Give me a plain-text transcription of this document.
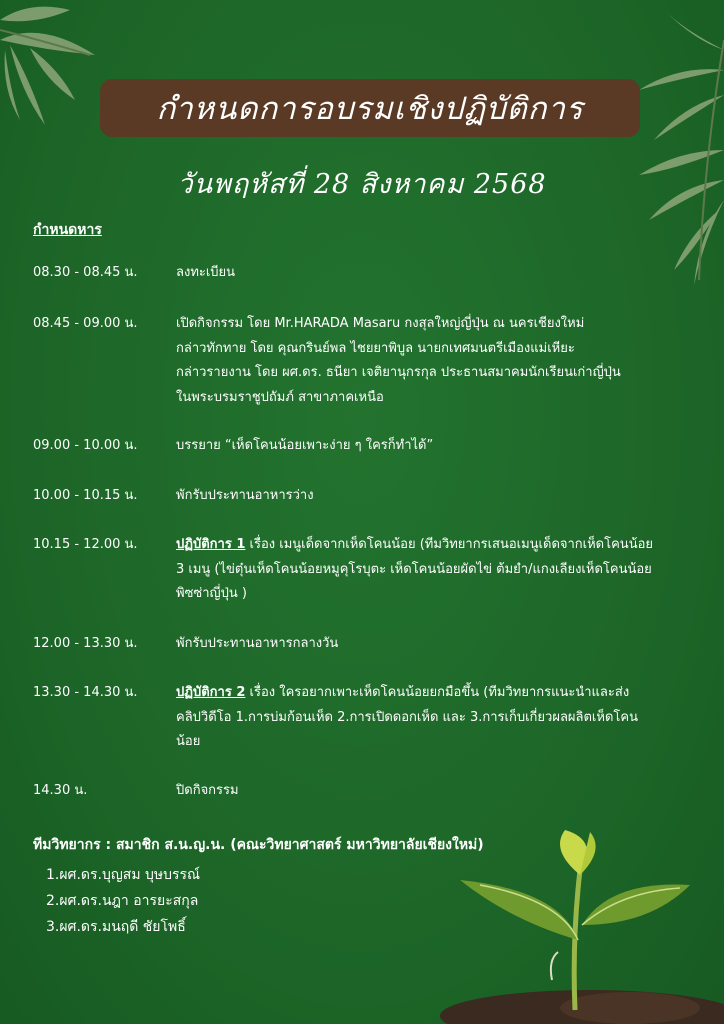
กำหนดการอบรมเชิงปฏิบัติการ
วันพฤหัสที่ 28 สิงหาคม 2568
กำหนดหาร
08.30 - 08.45 น.	ลงทะเบียน
08.45 - 09.00 น.	เปิดกิจกรรม โดย Mr.HARADA Masaru กงสุลใหญ่ญี่ปุ่น ณ นครเชียงใหม่
กล่าวทักทาย โดย คุณกรินย์พล ไชยยาพิบูล นายกเทศมนตรีเมืองแม่เหียะ
กล่าวรายงาน โดย ผศ.ดร. ธนียา เจติยานุกรกุล ประธานสมาคมนักเรียนเก่าญี่ปุ่น
ในพระบรมราชูปถัมภ์ สาขาภาคเหนือ
09.00 - 10.00 น.	บรรยาย “เห็ดโคนน้อยเพาะง่าย ๆ ใครก็ทำได้”
10.00 - 10.15 น.	พักรับประทานอาหารว่าง
10.15 - 12.00 น.	ปฏิบัติการ 1 เรื่อง เมนูเด็ดจากเห็ดโคนน้อย (ทีมวิทยากรเสนอเมนูเด็ดจากเห็ดโคนน้อย
3 เมนู (ไข่ตุ๋นเห็ดโคนน้อยหมูคุโรบุตะ เห็ดโคนน้อยผัดไข่ ต้มยำ/แกงเลียงเห็ดโคนน้อย
พิซซ่าญี่ปุ่น )
12.00 - 13.30 น.	พักรับประทานอาหารกลางวัน
13.30 - 14.30 น.	ปฏิบัติการ 2 เรื่อง ใครอยากเพาะเห็ดโคนน้อยยกมือขึ้น (ทีมวิทยากรแนะนำและส่ง
คลิปวิดีโอ 1.การบ่มก้อนเห็ด 2.การเปิดดอกเห็ด และ 3.การเก็บเกี่ยวผลผลิตเห็ดโคน
น้อย
14.30 น.	ปิดกิจกรรม
ทีมวิทยากร : สมาชิก ส.น.ญ.น. (คณะวิทยาศาสตร์ มหาวิทยาลัยเชียงใหม่)
1.ผศ.ดร.บุญสม บุษบรรณ์
2.ผศ.ดร.นฎา อารยะสกุล
3.ผศ.ดร.มนฤดี ชัยโพธิ์
